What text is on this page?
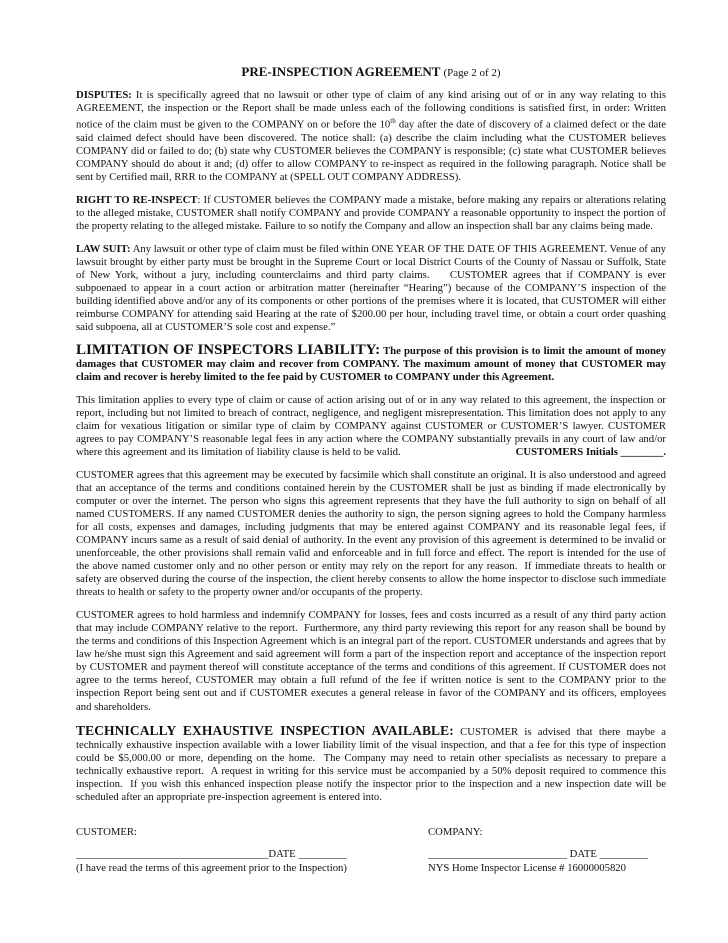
PRE-INSPECTION AGREEMENT (Page 2 of 2)

DISPUTES: It is specifically agreed that no lawsuit or other type of claim of any kind arising out of or in any way relating to this AGREEMENT, the inspection or the Report shall be made unless each of the following conditions is satisfied first, in order: Written notice of the claim must be given to the COMPANY on or before the 10th day after the date of discovery of a claimed defect or the date said claimed defect should have been discovered. The notice shall: (a) describe the claim including what the CUSTOMER believes COMPANY did or failed to do; (b) state why CUSTOMER believes the COMPANY is responsible; (c) state what CUSTOMER believes COMPANY should do about it and; (d) offer to allow COMPANY to re-inspect as required in the following paragraph. Notice shall be sent by Certified mail, RRR to the COMPANY at (SPELL OUT COMPANY ADDRESS).

RIGHT TO RE-INSPECT: If CUSTOMER believes the COMPANY made a mistake, before making any repairs or alterations relating to the alleged mistake, CUSTOMER shall notify COMPANY and provide COMPANY a reasonable opportunity to inspect the portion of the property relating to the alleged mistake. Failure to so notify the Company and allow an inspection shall bar any claims being made.

LAW SUIT: Any lawsuit or other type of claim must be filed within ONE YEAR OF THE DATE OF THIS AGREEMENT. Venue of any lawsuit brought by either party must be brought in the Supreme Court or local District Courts of the County of Nassau or Suffolk, State of New York, without a jury, including counterclaims and third party claims.    CUSTOMER agrees that if COMPANY is ever subpoenaed to appear in a court action or arbitration matter (hereinafter “Hearing”) because of the COMPANY’S inspection of the building identified above and/or any of its components or other portions of the premises where it is located, that CUSTOMER will either reimburse COMPANY for attending said Hearing at the rate of $200.00 per hour, including travel time, or obtain a court order quashing said subpoena, all at CUSTOMER’S sole cost and expense.”

LIMITATION OF INSPECTORS LIABILITY: The purpose of this provision is to limit the amount of money damages that CUSTOMER may claim and recover from COMPANY. The maximum amount of money that CUSTOMER may claim and recover is hereby limited to the fee paid by CUSTOMER to COMPANY under this Agreement.

This limitation applies to every type of claim or cause of action arising out of or in any way related to this agreement, the inspection or report, including but not limited to breach of contract, negligence, and negligent misrepresentation. This limitation does not apply to any claim for vexatious litigation or similar type of claim by COMPANY against CUSTOMER or CUSTOMER’S lawyer. CUSTOMER agrees to pay COMPANY’S reasonable legal fees in any action where the COMPANY substantially prevails in any court of law and/or where this agreement and its limitation of liability clause is held to be valid.	CUSTOMERS Initials ________.

CUSTOMER agrees that this agreement may be executed by facsimile which shall constitute an original. It is also understood and agreed that an acceptance of the terms and conditions contained herein by the CUSTOMER shall be just as binding if made electronically by computer or over the internet. The person who signs this agreement represents that they have the full authority to sign on behalf of all named CUSTOMERS. If any named CUSTOMER denies the authority to sign, the person signing agrees to hold the Company harmless for all costs, expenses and damages, including judgments that may be entered against COMPANY and its reasonable legal fees, if COMPANY incurs same as a result of said denial of authority. In the event any provision of this agreement is determined to be invalid or unenforceable, the other provisions shall remain valid and enforceable and in full force and effect. The report is intended for the use of the above named customer only and no other person or entity may rely on the report for any reason.  If immediate threats to health or safety are observed during the course of the inspection, the client hereby consents to allow the home inspector to disclose such immediate threats to health or safety to the property owner and/or occupants of the property.

CUSTOMER agrees to hold harmless and indemnify COMPANY for losses, fees and costs incurred as a result of any third party action that may include COMPANY relative to the report.  Furthermore, any third party reviewing this report for any reason shall be bound by the terms and conditions of this Inspection Agreement which is an integral part of the report. CUSTOMER understands and agrees that by law he/she must sign this Agreement and said agreement will form a part of the inspection report and acceptance of the inspection report by CUSTOMER and payment thereof will constitute acceptance of the terms and conditions of this agreement. If CUSTOMER does not agree to the terms hereof, CUSTOMER may obtain a full refund of the fee if written notice is sent to the COMPANY prior to the inspection Report being sent out and if CUSTOMER executes a general release in favor of the COMPANY and its officers, employees and shareholders.

TECHNICALLY EXHAUSTIVE INSPECTION AVAILABLE: CUSTOMER is advised that there maybe a technically exhaustive inspection available with a lower liability limit of the visual inspection, and that a fee for this type of inspection could be $5,000.00 or more, depending on the home.  The Company may need to retain other specialists as necessary to prepare a technically exhaustive report.  A request in writing for this service must be accompanied by a 50% deposit required to commence this inspection.  If you wish this enhanced inspection please notify the inspector prior to the inspection and a new inspection date will be scheduled after an appropriate pre-inspection agreement is entered into.

CUSTOMER:	COMPANY:
____________________________________DATE _________	__________________________ DATE _________
(I have read the terms of this agreement prior to the Inspection)	NYS Home Inspector License # 16000005820
